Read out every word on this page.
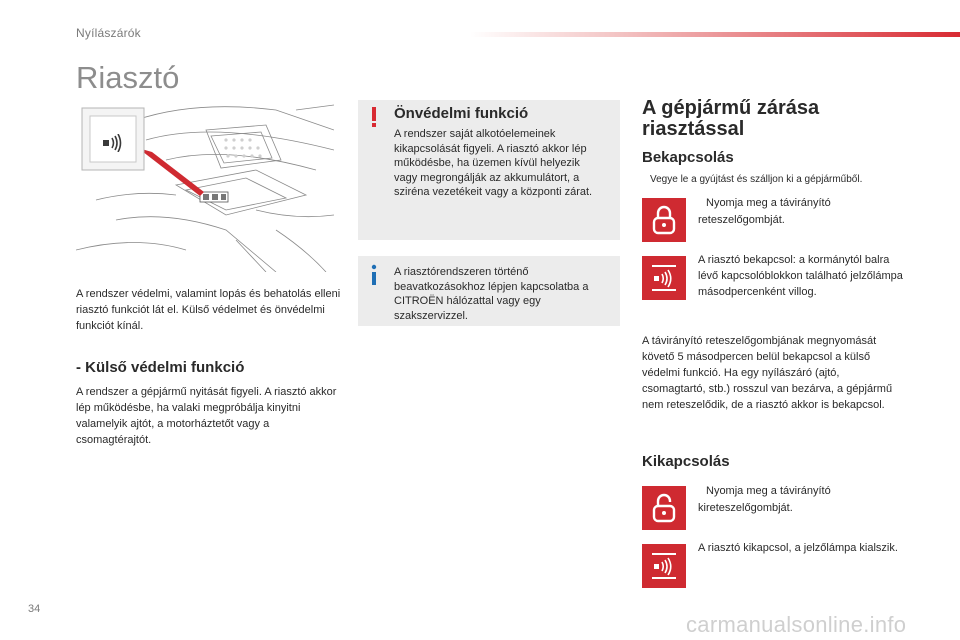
Nyílászárók
Riasztó
A rendszer védelmi, valamint lopás és behatolás elleni riasztó funkciót lát el. Külső védelmet és önvédelmi funkciót kínál.
- Külső védelmi funkció
A rendszer a gépjármű nyitását figyeli. A riasztó akkor lép működésbe, ha valaki megpróbálja kinyitni valamelyik ajtót, a motorháztetőt vagy a csomagtérajtót.
Önvédelmi funkció
A rendszer saját alkotóelemeinek kikapcsolását figyeli. A riasztó akkor lép működésbe, ha üzemen kívül helyezik vagy megrongálják az akkumulátort, a sziréna vezetékeit vagy a központi zárat.
A riasztórendszeren történő beavatkozásokhoz lépjen kapcsolatba a CITROËN hálózattal vagy egy szakszervizzel.
A gépjármű zárása riasztással
Bekapcsolás
Vegye le a gyújtást és szálljon ki a gépjárműből.
Nyomja meg a távirányító reteszelőgombját.
A riasztó bekapcsol: a kormánytól balra lévő kapcsolóblokkon található jelzőlámpa másodpercenként villog.
A távirányító reteszelőgombjának megnyomását követő 5 másodpercen belül bekapcsol a külső védelmi funkció. Ha egy nyílászáró (ajtó, csomagtartó, stb.) rosszul van bezárva, a gépjármű nem reteszelődik, de a riasztó akkor is bekapcsol.
Kikapcsolás
Nyomja meg a távirányító kireteszelőgombját.
A riasztó kikapcsol, a jelzőlámpa kialszik.
34
carmanualsonline.info
